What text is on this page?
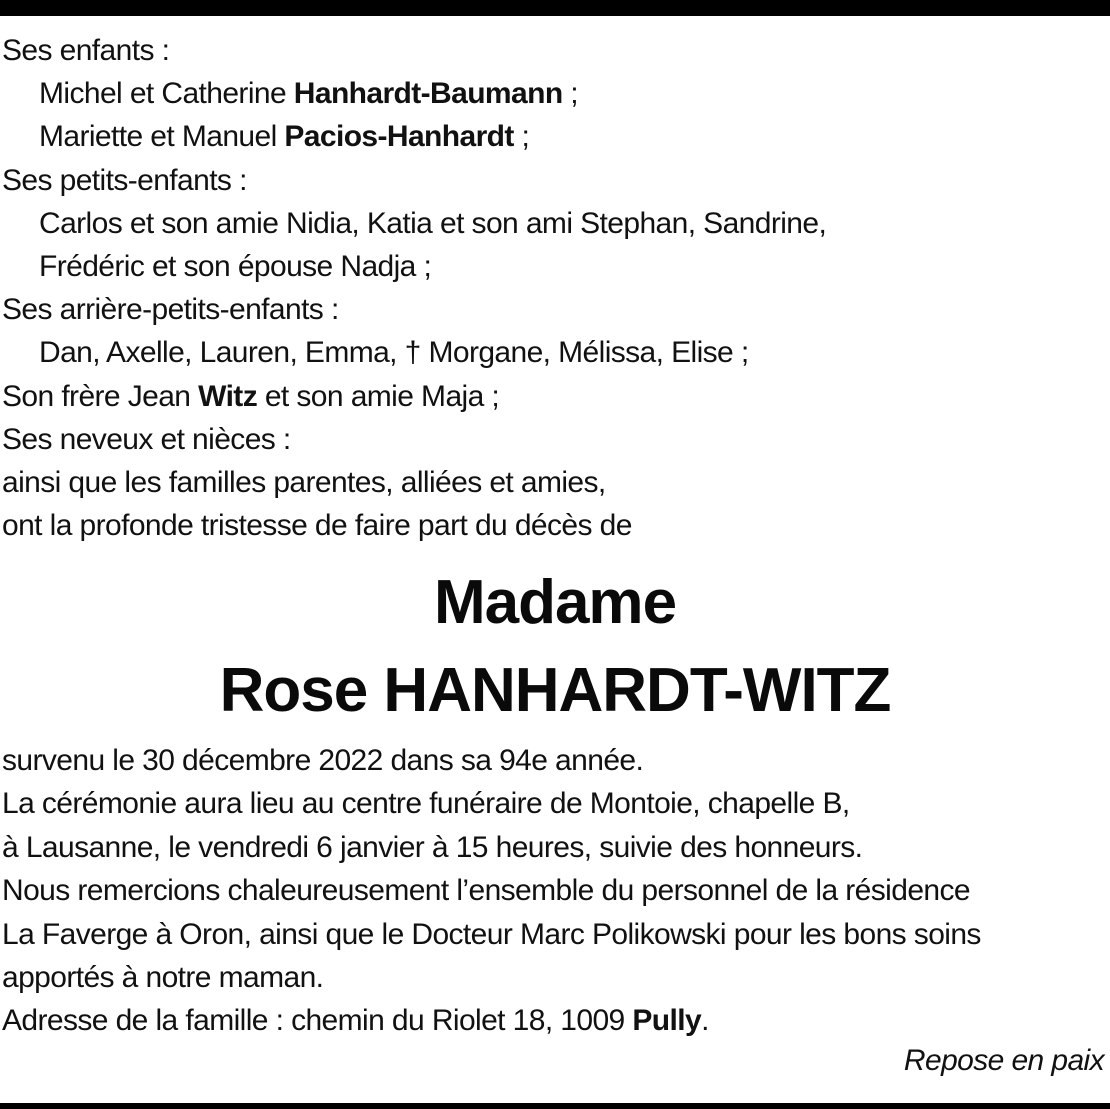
Ses enfants :
Michel et Catherine Hanhardt-Baumann ;
Mariette et Manuel Pacios-Hanhardt ;
Ses petits-enfants :
Carlos et son amie Nidia, Katia et son ami Stephan, Sandrine,
Frédéric et son épouse Nadja ;
Ses arrière-petits-enfants :
Dan, Axelle, Lauren, Emma, † Morgane, Mélissa, Elise ;
Son frère Jean Witz et son amie Maja ;
Ses neveux et nièces :
ainsi que les familles parentes, alliées et amies,
ont la profonde tristesse de faire part du décès de
Madame
Rose HANHARDT-WITZ
survenu le 30 décembre 2022 dans sa 94e année.
La cérémonie aura lieu au centre funéraire de Montoie, chapelle B,
à Lausanne, le vendredi 6 janvier à 15 heures, suivie des honneurs.
Nous remercions chaleureusement l’ensemble du personnel de la résidence
La Faverge à Oron, ainsi que le Docteur Marc Polikowski pour les bons soins
apportés à notre maman.
Adresse de la famille : chemin du Riolet 18, 1009 Pully.
Repose en paix
